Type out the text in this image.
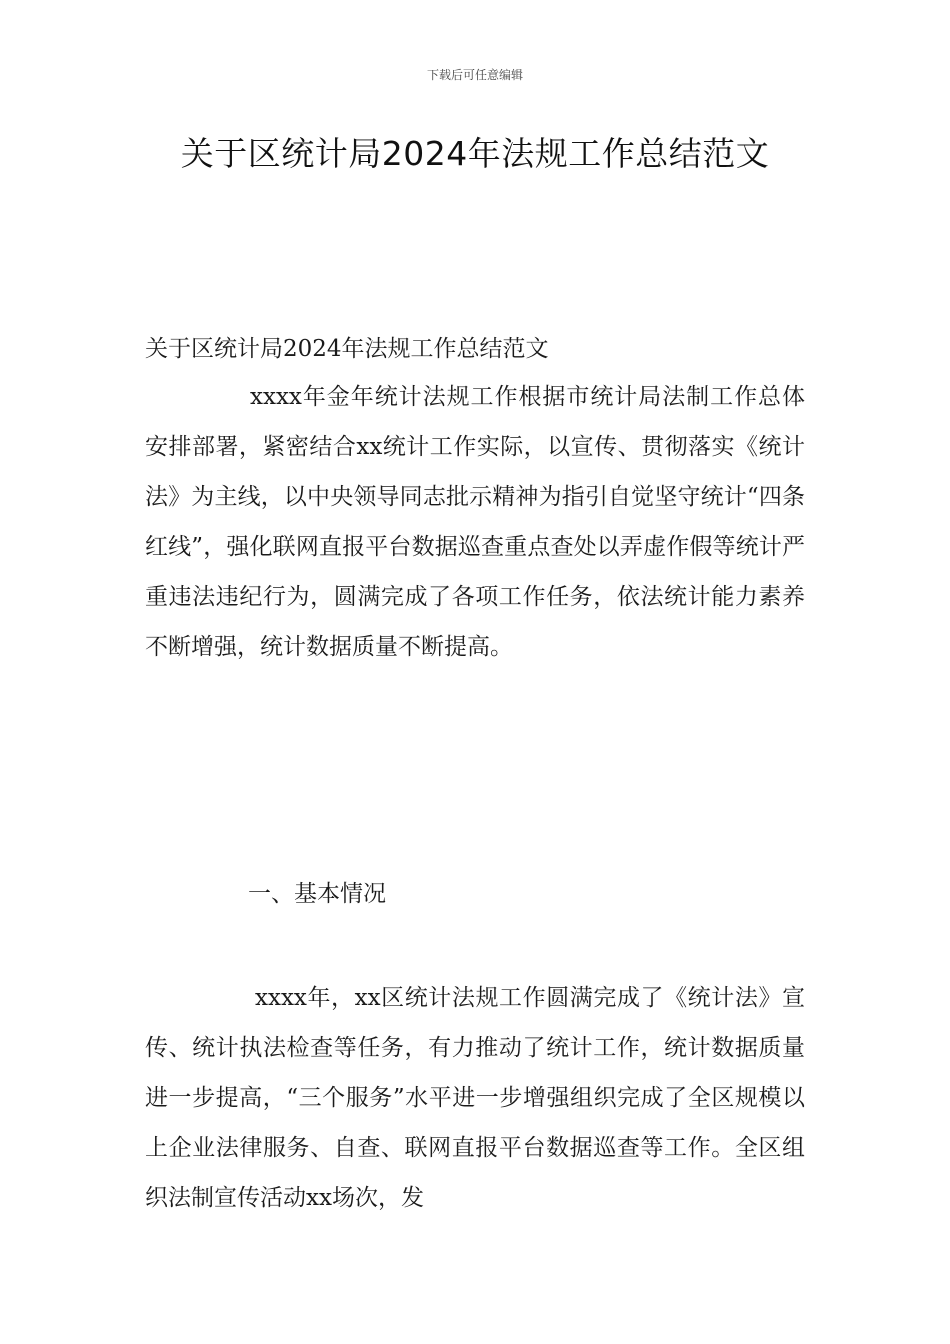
下载后可任意编辑
关于区统计局2024年法规工作总结范文
关于区统计局2024年法规工作总结范文

xxxx年金年统计法规工作根据市统计局法制工作总体安排部署，紧密结合xx统计工作实际，以宣传、贯彻落实《统计法》为主线，以中央领导同志批示精神为指引自觉坚守统计“四条红线”，强化联网直报平台数据巡查重点查处以弄虚作假等统计严重违法违纪行为，圆满完成了各项工作任务，依法统计能力素养不断增强，统计数据质量不断提高。

一、基本情况

xxxx年，xx区统计法规工作圆满完成了《统计法》宣传、统计执法检查等任务，有力推动了统计工作，统计数据质量进一步提高，“三个服务”水平进一步增强组织完成了全区规模以上企业法律服务、自查、联网直报平台数据巡查等工作。全区组织法制宣传活动xx场次，发
